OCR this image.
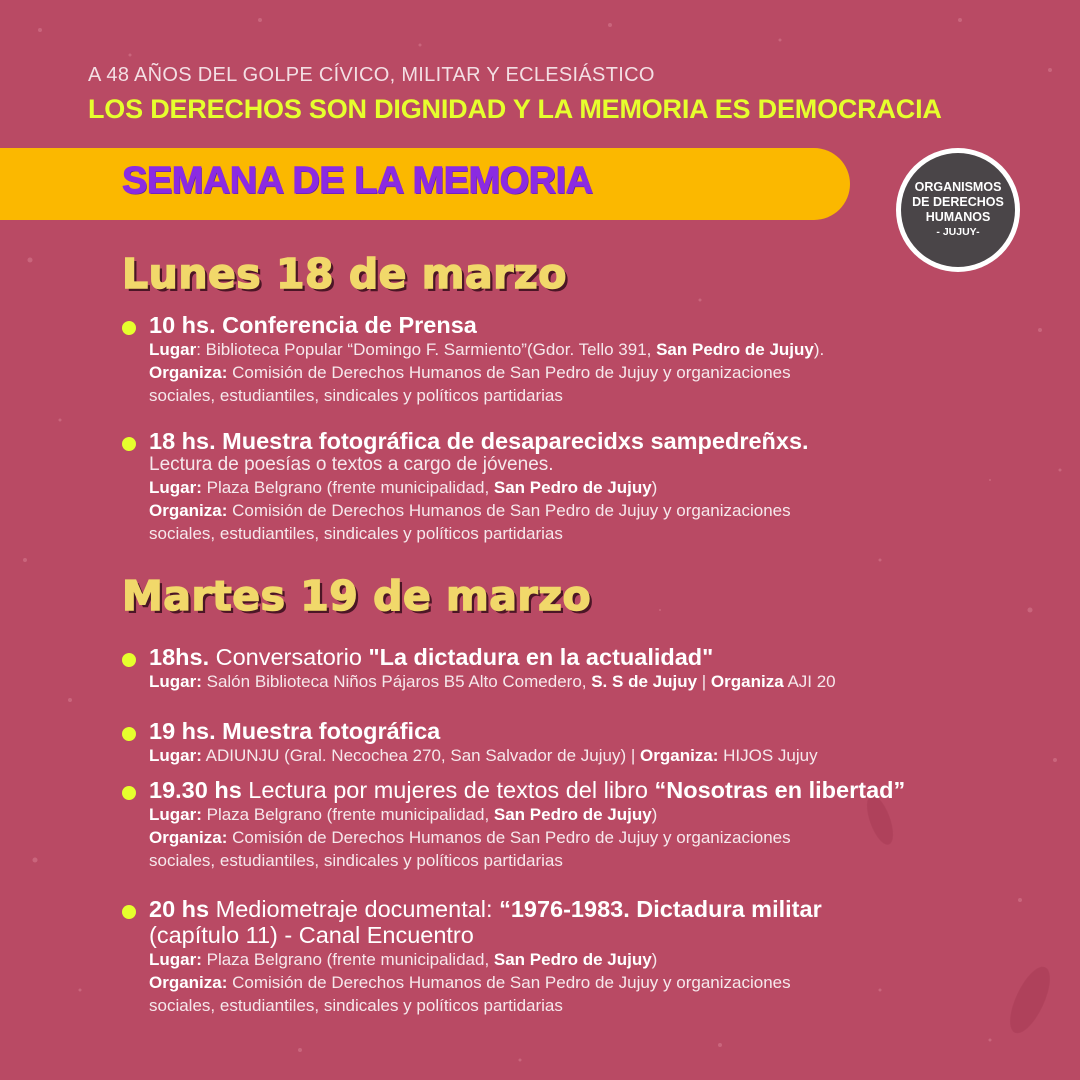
A 48 AÑOS DEL GOLPE CÍVICO, MILITAR Y ECLESIÁSTICO
LOS DERECHOS SON DIGNIDAD Y LA MEMORIA ES DEMOCRACIA
SEMANA DE LA MEMORIA	ORGANISMOS
DE DERECHOS
HUMANOS
- JUJUY-
Lunes 18 de marzo
10 hs. Conferencia de Prensa
Lugar: Biblioteca Popular “Domingo F. Sarmiento”(Gdor. Tello 391, San Pedro de Jujuy).
Organiza: Comisión de Derechos Humanos de San Pedro de Jujuy y organizaciones
sociales, estudiantiles, sindicales y políticos partidarias
18 hs. Muestra fotográfica de desaparecidxs sampedreñxs.
Lectura de poesías o textos a cargo de jóvenes.
Lugar: Plaza Belgrano (frente municipalidad, San Pedro de Jujuy)
Organiza: Comisión de Derechos Humanos de San Pedro de Jujuy y organizaciones
sociales, estudiantiles, sindicales y políticos partidarias
Martes 19 de marzo
18hs. Conversatorio "La dictadura en la actualidad"
Lugar: Salón Biblioteca Niños Pájaros B5 Alto Comedero, S. S de Jujuy | Organiza AJI 20
19 hs. Muestra fotográfica
Lugar: ADIUNJU (Gral. Necochea 270, San Salvador de Jujuy) | Organiza: HIJOS Jujuy
19.30 hs Lectura por mujeres de textos del libro “Nosotras en libertad”
Lugar: Plaza Belgrano (frente municipalidad, San Pedro de Jujuy)
Organiza: Comisión de Derechos Humanos de San Pedro de Jujuy y organizaciones
sociales, estudiantiles, sindicales y políticos partidarias
20 hs Mediometraje documental: “1976-1983. Dictadura militar
(capítulo 11) - Canal Encuentro
Lugar: Plaza Belgrano (frente municipalidad, San Pedro de Jujuy)
Organiza: Comisión de Derechos Humanos de San Pedro de Jujuy y organizaciones
sociales, estudiantiles, sindicales y políticos partidarias
